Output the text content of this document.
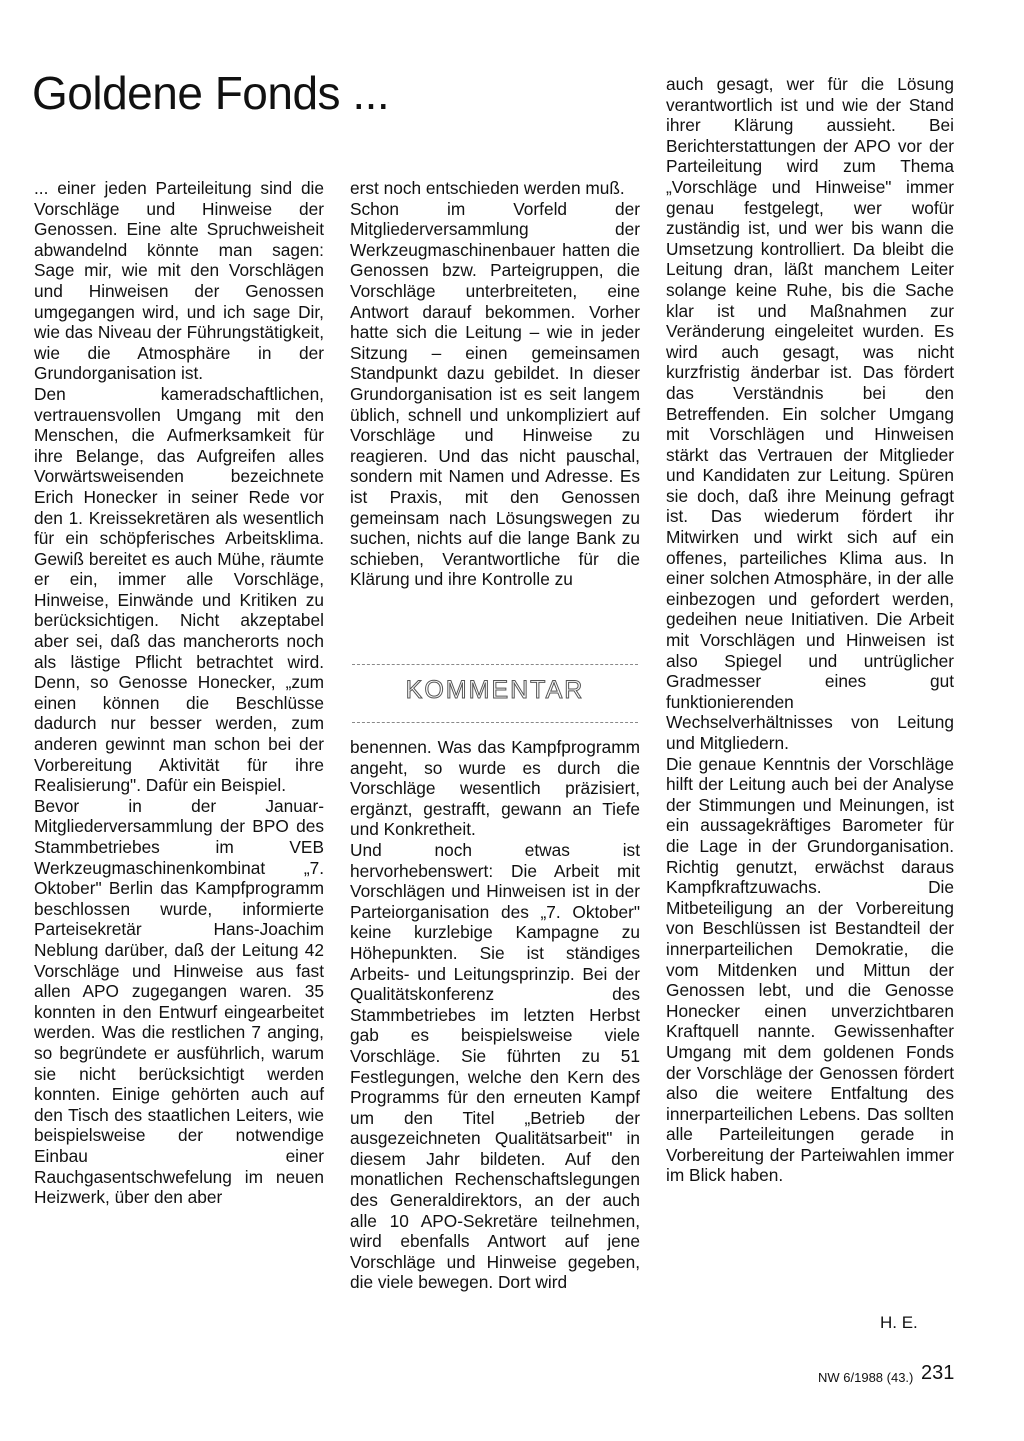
Goldene Fonds ...

... einer jeden Parteileitung sind die Vorschläge und Hinweise der Genossen. Eine alte Spruchweisheit abwandelnd könnte man sagen: Sage mir, wie mit den Vorschlägen und Hinweisen der Genossen umgegangen wird, und ich sage Dir, wie das Niveau der Führungstätigkeit, wie die Atmosphäre in der Grundorganisation ist.

Den kameradschaftlichen, vertrauensvollen Umgang mit den Menschen, die Aufmerksamkeit für ihre Belange, das Aufgreifen alles Vorwärtsweisenden bezeichnete Erich Honecker in seiner Rede vor den 1. Kreissekretären als wesentlich für ein schöpferisches Arbeitsklima. Gewiß bereitet es auch Mühe, räumte er ein, immer alle Vorschläge, Hinweise, Einwände und Kritiken zu berücksichtigen. Nicht akzeptabel aber sei, daß das mancherorts noch als lästige Pflicht betrachtet wird. Denn, so Genosse Honecker, „zum einen können die Beschlüsse dadurch nur besser werden, zum anderen gewinnt man schon bei der Vorbereitung Aktivität für ihre Realisierung". Dafür ein Beispiel.

Bevor in der Januar-Mitgliederversammlung der BPO des Stammbetriebes im VEB Werkzeugmaschinenkombinat „7. Oktober" Berlin das Kampfprogramm beschlossen wurde, informierte Parteisekretär Hans-Joachim Neblung darüber, daß der Leitung 42 Vorschläge und Hinweise aus fast allen APO zugegangen waren. 35 konnten in den Entwurf eingearbeitet werden. Was die restlichen 7 anging, so begründete er ausführlich, warum sie nicht berücksichtigt werden konnten. Einige gehörten auch auf den Tisch des staatlichen Leiters, wie beispielsweise der notwendige Einbau einer Rauchgasentschwefelung im neuen Heizwerk, über den aber

erst noch entschieden werden muß.

Schon im Vorfeld der Mitgliederversammlung der Werkzeugmaschinenbauer hatten die Genossen bzw. Parteigruppen, die Vorschläge unterbreiteten, eine Antwort darauf bekommen. Vorher hatte sich die Leitung – wie in jeder Sitzung – einen gemeinsamen Standpunkt dazu gebildet. In dieser Grundorganisation ist es seit langem üblich, schnell und unkompliziert auf Vorschläge und Hinweise zu reagieren. Und das nicht pauschal, sondern mit Namen und Adresse. Es ist Praxis, mit den Genossen gemeinsam nach Lösungswegen zu suchen, nichts auf die lange Bank zu schieben, Verantwortliche für die Klärung und ihre Kontrolle zu

KOMMENTAR

benennen. Was das Kampfprogramm angeht, so wurde es durch die Vorschläge wesentlich präzisiert, ergänzt, gestrafft, gewann an Tiefe und Konkretheit.

Und noch etwas ist hervorhebenswert: Die Arbeit mit Vorschlägen und Hinweisen ist in der Parteiorganisation des „7. Oktober" keine kurzlebige Kampagne zu Höhepunkten. Sie ist ständiges Arbeits- und Leitungsprinzip. Bei der Qualitätskonferenz des Stammbetriebes im letzten Herbst gab es beispielsweise viele Vorschläge. Sie führten zu 51 Festlegungen, welche den Kern des Programms für den erneuten Kampf um den Titel „Betrieb der ausgezeichneten Qualitätsarbeit" in diesem Jahr bildeten. Auf den monatlichen Rechenschaftslegungen des Generaldirektors, an der auch alle 10 APO-Sekretäre teilnehmen, wird ebenfalls Antwort auf jene Vorschläge und Hinweise gegeben, die viele bewegen. Dort wird

auch gesagt, wer für die Lösung verantwortlich ist und wie der Stand ihrer Klärung aussieht. Bei Berichterstattungen der APO vor der Parteileitung wird zum Thema „Vorschläge und Hinweise" immer genau festgelegt, wer wofür zuständig ist, und wer bis wann die Umsetzung kontrolliert. Da bleibt die Leitung dran, läßt manchem Leiter solange keine Ruhe, bis die Sache klar ist und Maßnahmen zur Veränderung eingeleitet wurden. Es wird auch gesagt, was nicht kurzfristig änderbar ist. Das fördert das Verständnis bei den Betreffenden. Ein solcher Umgang mit Vorschlägen und Hinweisen stärkt das Vertrauen der Mitglieder und Kandidaten zur Leitung. Spüren sie doch, daß ihre Meinung gefragt ist. Das wiederum fördert ihr Mitwirken und wirkt sich auf ein offenes, parteiliches Klima aus. In einer solchen Atmosphäre, in der alle einbezogen und gefordert werden, gedeihen neue Initiativen. Die Arbeit mit Vorschlägen und Hinweisen ist also Spiegel und untrüglicher Gradmesser eines gut funktionierenden Wechselverhältnisses von Leitung und Mitgliedern.

Die genaue Kenntnis der Vorschläge hilft der Leitung auch bei der Analyse der Stimmungen und Meinungen, ist ein aussagekräftiges Barometer für die Lage in der Grundorganisation. Richtig genutzt, erwächst daraus Kampfkraftzuwachs. Die Mitbeteiligung an der Vorbereitung von Beschlüssen ist Bestandteil der innerparteilichen Demokratie, die vom Mitdenken und Mittun der Genossen lebt, und die Genosse Honecker einen unverzichtbaren Kraftquell nannte. Gewissenhafter Umgang mit dem goldenen Fonds der Vorschläge der Genossen fördert also die weitere Entfaltung des innerparteilichen Lebens. Das sollten alle Parteileitungen gerade in Vorbereitung der Parteiwahlen immer im Blick haben.

H. E.
NW 6/1988 (43.) 231
